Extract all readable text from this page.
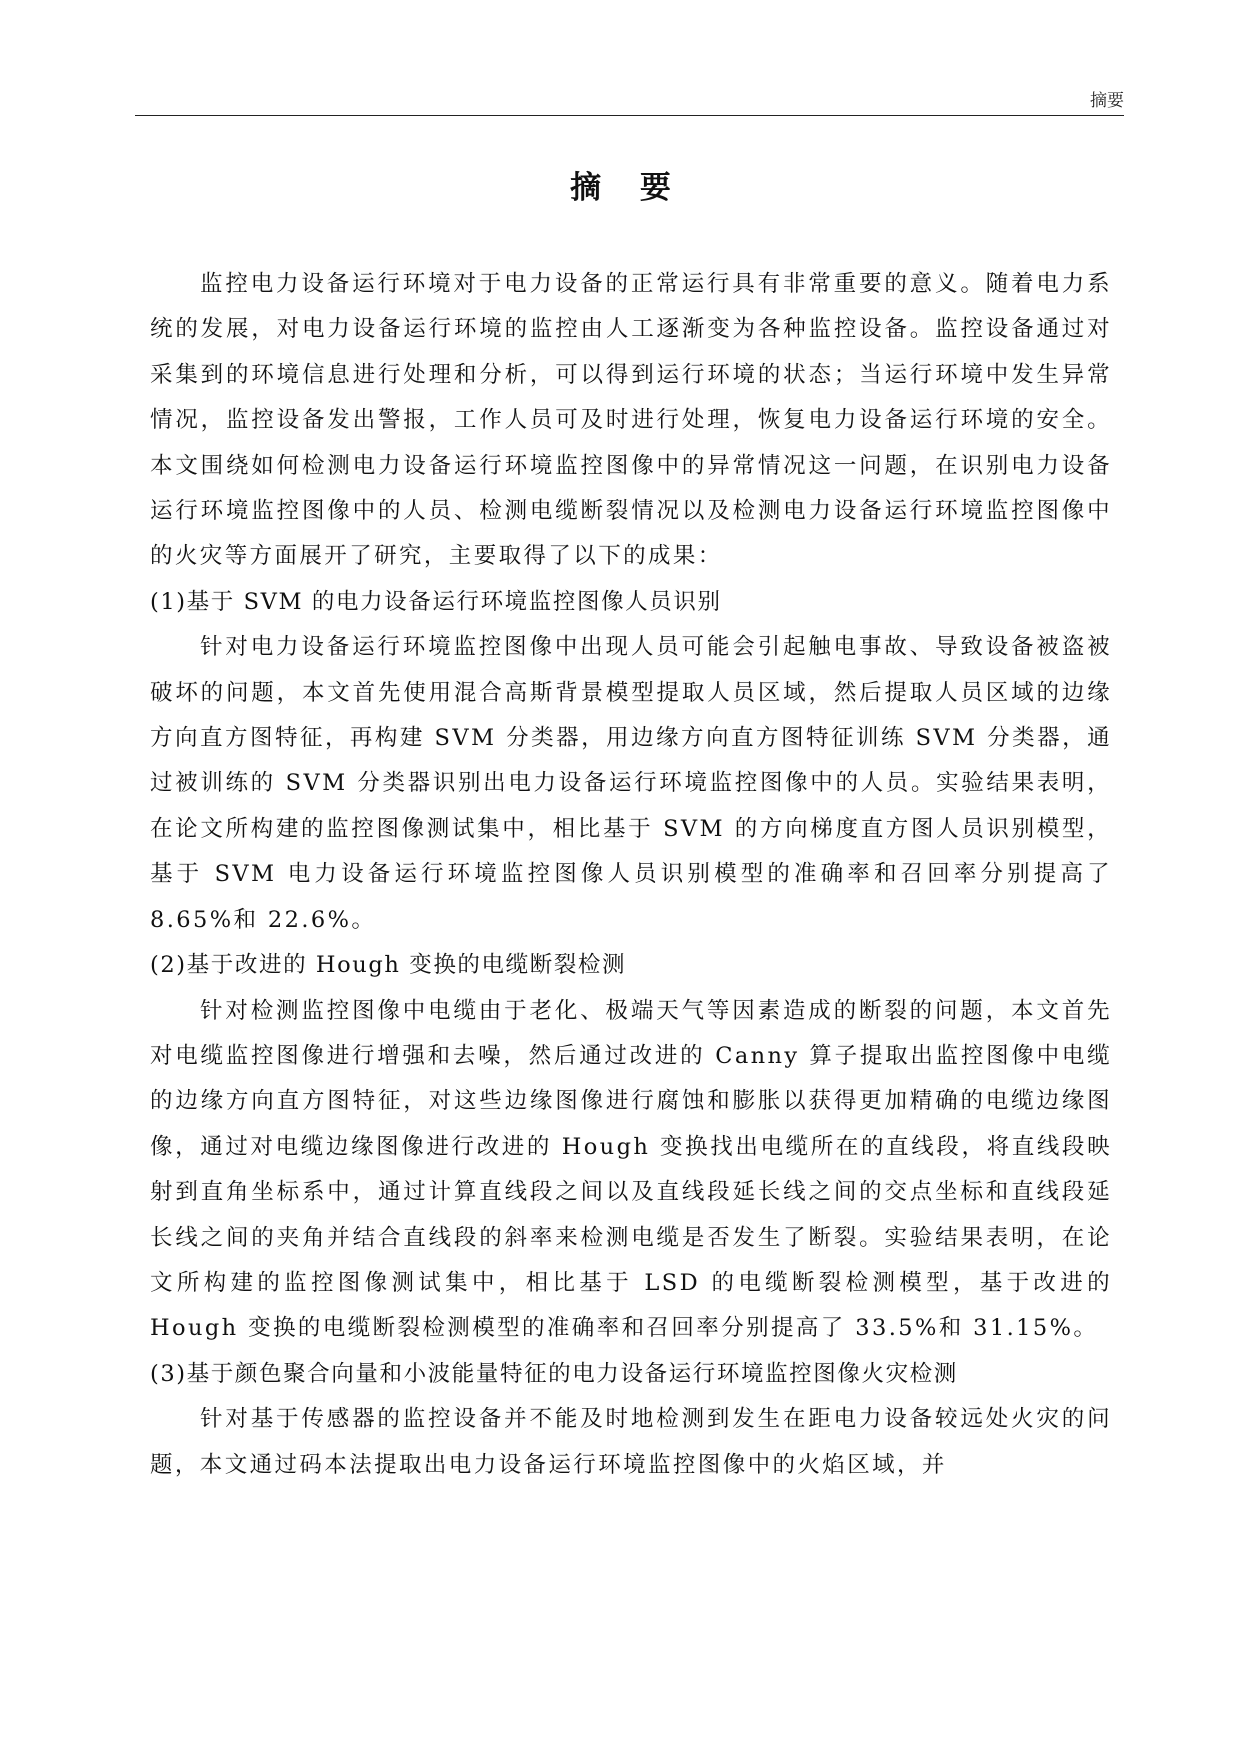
摘要
摘 要

监控电力设备运行环境对于电力设备的正常运行具有非常重要的意义。随着电力系统的发展，对电力设备运行环境的监控由人工逐渐变为各种监控设备。监控设备通过对采集到的环境信息进行处理和分析，可以得到运行环境的状态；当运行环境中发生异常情况，监控设备发出警报，工作人员可及时进行处理，恢复电力设备运行环境的安全。本文围绕如何检测电力设备运行环境监控图像中的异常情况这一问题，在识别电力设备运行环境监控图像中的人员、检测电缆断裂情况以及检测电力设备运行环境监控图像中的火灾等方面展开了研究，主要取得了以下的成果：

(1)基于 SVM 的电力设备运行环境监控图像人员识别

针对电力设备运行环境监控图像中出现人员可能会引起触电事故、导致设备被盗被破坏的问题，本文首先使用混合高斯背景模型提取人员区域，然后提取人员区域的边缘方向直方图特征，再构建 SVM 分类器，用边缘方向直方图特征训练 SVM 分类器，通过被训练的 SVM 分类器识别出电力设备运行环境监控图像中的人员。实验结果表明，在论文所构建的监控图像测试集中，相比基于 SVM 的方向梯度直方图人员识别模型，基于 SVM 电力设备运行环境监控图像人员识别模型的准确率和召回率分别提高了 8.65%和 22.6%。

(2)基于改进的 Hough 变换的电缆断裂检测

针对检测监控图像中电缆由于老化、极端天气等因素造成的断裂的问题，本文首先对电缆监控图像进行增强和去噪，然后通过改进的 Canny 算子提取出监控图像中电缆的边缘方向直方图特征，对这些边缘图像进行腐蚀和膨胀以获得更加精确的电缆边缘图像，通过对电缆边缘图像进行改进的 Hough 变换找出电缆所在的直线段，将直线段映射到直角坐标系中，通过计算直线段之间以及直线段延长线之间的交点坐标和直线段延长线之间的夹角并结合直线段的斜率来检测电缆是否发生了断裂。实验结果表明，在论文所构建的监控图像测试集中，相比基于 LSD 的电缆断裂检测模型，基于改进的 Hough 变换的电缆断裂检测模型的准确率和召回率分别提高了 33.5%和 31.15%。

(3)基于颜色聚合向量和小波能量特征的电力设备运行环境监控图像火灾检测

针对基于传感器的监控设备并不能及时地检测到发生在距电力设备较远处火灾的问题，本文通过码本法提取出电力设备运行环境监控图像中的火焰区域，并
